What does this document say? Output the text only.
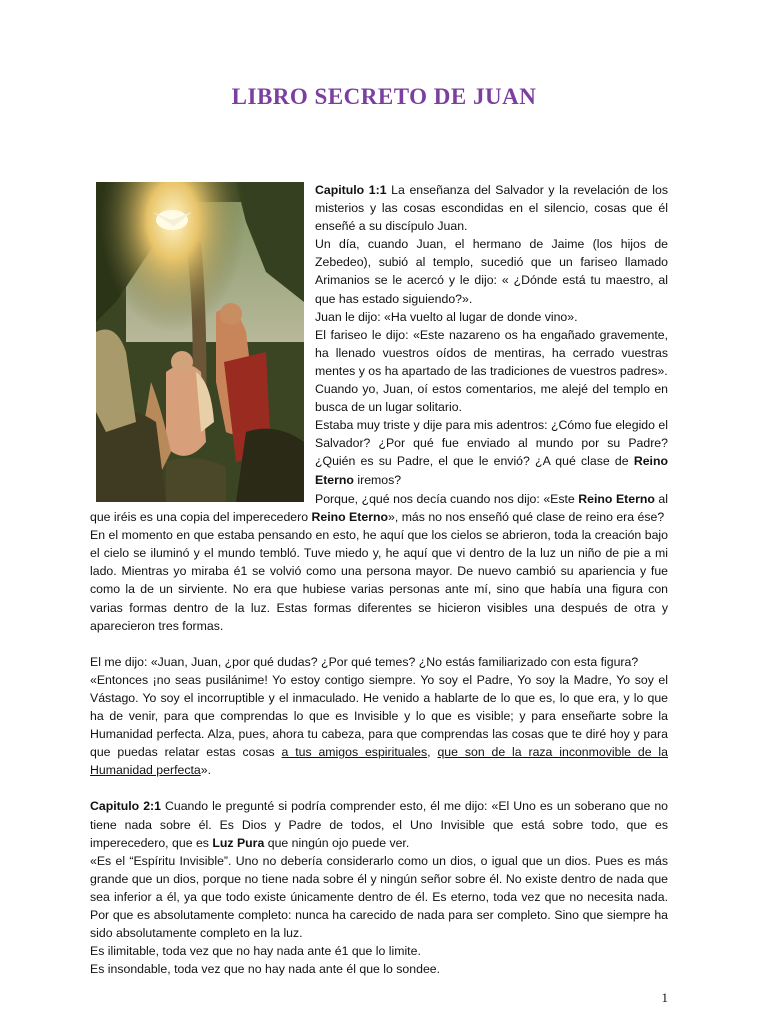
LIBRO SECRETO DE JUAN

Capitulo 1:1 La enseñanza del Salvador y la revelación de los misterios y las cosas escondidas en el silencio, cosas que él enseñé a su discípulo Juan.

Un día, cuando Juan, el hermano de Jaime (los hijos de Zebedeo), subió al templo, sucedió que un fariseo llamado Arimanios se le acercó y le dijo: « ¿Dónde está tu maestro, al que has estado siguiendo?».

Juan le dijo: «Ha vuelto al lugar de donde vino».

El fariseo le dijo: «Este nazareno os ha engañado gravemente, ha llenado vuestros oídos de mentiras, ha cerrado vuestras mentes y os ha apartado de las tradiciones de vuestros padres».

Cuando yo, Juan, oí estos comentarios, me alejé del templo en busca de un lugar solitario.

Estaba muy triste y dije para mis adentros: ¿Cómo fue elegido el Salvador? ¿Por qué fue enviado al mundo por su Padre? ¿Quién es su Padre, el que le envió? ¿A qué clase de Reino Eterno iremos?

Porque, ¿qué nos decía cuando nos dijo: «Este Reino Eterno al que iréis es una copia del imperecedero Reino Eterno», más no nos enseñó qué clase de reino era ése?

En el momento en que estaba pensando en esto, he aquí que los cielos se abrieron, toda la creación bajo el cielo se iluminó y el mundo tembló. Tuve miedo y, he aquí que vi dentro de la luz un niño de pie a mi lado. Mientras yo miraba é1 se volvió como una persona mayor. De nuevo cambió su apariencia y fue como la de un sirviente. No era que hubiese varias personas ante mí, sino que había una figura con varias formas dentro de la luz. Estas formas diferentes se hicieron visibles una después de otra y aparecieron tres formas.

El me dijo: «Juan, Juan, ¿por qué dudas? ¿Por qué temes? ¿No estás familiarizado con esta figura?

«Entonces ¡no seas pusilánime! Yo estoy contigo siempre. Yo soy el Padre, Yo soy la Madre, Yo soy el Vástago. Yo soy el incorruptible y el inmaculado. He venido a hablarte de lo que es, lo que era, y lo que ha de venir, para que comprendas lo que es Invisible y lo que es visible; y para enseñarte sobre la Humanidad perfecta. Alza, pues, ahora tu cabeza, para que comprendas las cosas que te diré hoy y para que puedas relatar estas cosas a tus amigos espirituales, que son de la raza inconmovible de la Humanidad perfecta».

Capitulo 2:1 Cuando le pregunté si podría comprender esto, él me dijo: «El Uno es un soberano que no tiene nada sobre él. Es Dios y Padre de todos, el Uno Invisible que está sobre todo, que es imperecedero, que es Luz Pura que ningún ojo puede ver.

«Es el “Espíritu Invisible”. Uno no debería considerarlo como un dios, o igual que un dios. Pues es más grande que un dios, porque no tiene nada sobre él y ningún señor sobre él. No existe dentro de nada que sea inferior a él, ya que todo existe únicamente dentro de él. Es eterno, toda vez que no necesita nada. Por que es absolutamente completo: nunca ha carecido de nada para ser completo. Sino que siempre ha sido absolutamente completo en la luz.

Es ilimitable, toda vez que no hay nada ante é1 que lo limite.

Es insondable, toda vez que no hay nada ante él que lo sondee.

1
